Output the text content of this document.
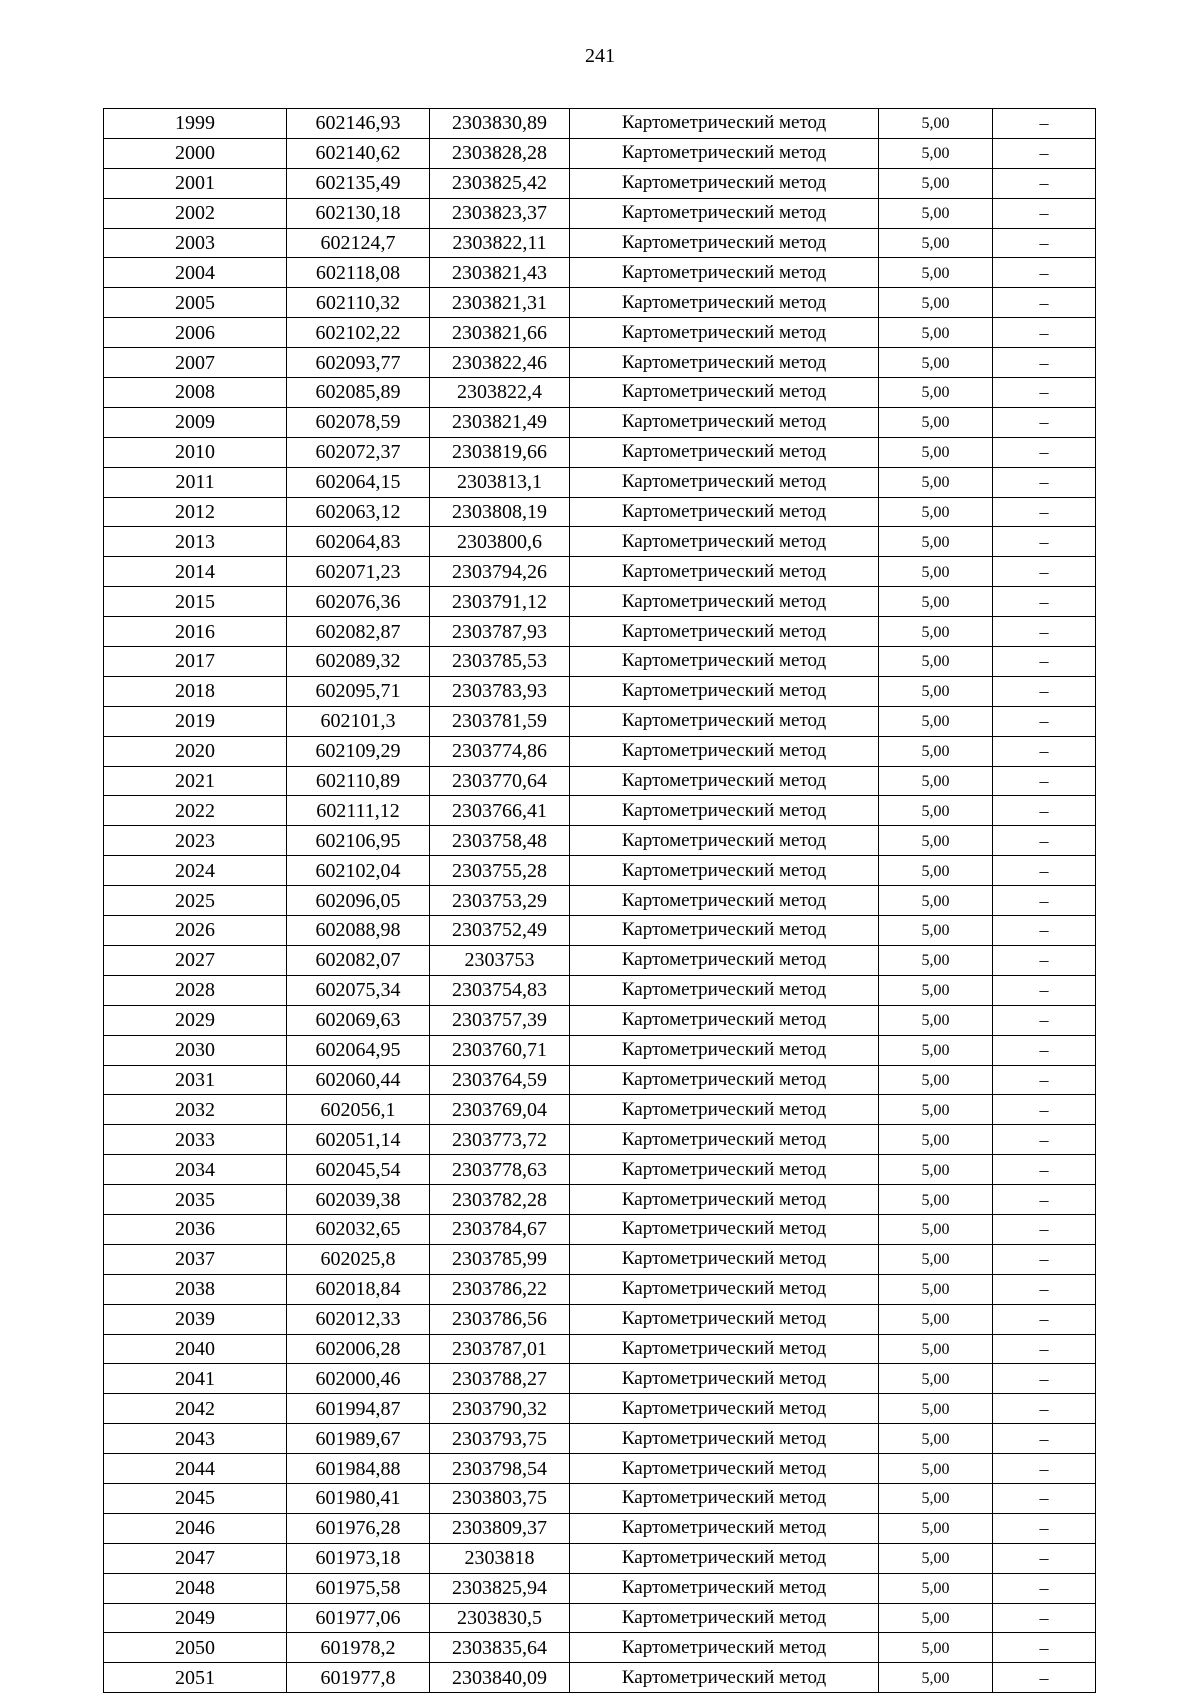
241
1999	602146,93	2303830,89	Картометрический метод	5,00	–
2000	602140,62	2303828,28	Картометрический метод	5,00	–
2001	602135,49	2303825,42	Картометрический метод	5,00	–
2002	602130,18	2303823,37	Картометрический метод	5,00	–
2003	602124,7	2303822,11	Картометрический метод	5,00	–
2004	602118,08	2303821,43	Картометрический метод	5,00	–
2005	602110,32	2303821,31	Картометрический метод	5,00	–
2006	602102,22	2303821,66	Картометрический метод	5,00	–
2007	602093,77	2303822,46	Картометрический метод	5,00	–
2008	602085,89	2303822,4	Картометрический метод	5,00	–
2009	602078,59	2303821,49	Картометрический метод	5,00	–
2010	602072,37	2303819,66	Картометрический метод	5,00	–
2011	602064,15	2303813,1	Картометрический метод	5,00	–
2012	602063,12	2303808,19	Картометрический метод	5,00	–
2013	602064,83	2303800,6	Картометрический метод	5,00	–
2014	602071,23	2303794,26	Картометрический метод	5,00	–
2015	602076,36	2303791,12	Картометрический метод	5,00	–
2016	602082,87	2303787,93	Картометрический метод	5,00	–
2017	602089,32	2303785,53	Картометрический метод	5,00	–
2018	602095,71	2303783,93	Картометрический метод	5,00	–
2019	602101,3	2303781,59	Картометрический метод	5,00	–
2020	602109,29	2303774,86	Картометрический метод	5,00	–
2021	602110,89	2303770,64	Картометрический метод	5,00	–
2022	602111,12	2303766,41	Картометрический метод	5,00	–
2023	602106,95	2303758,48	Картометрический метод	5,00	–
2024	602102,04	2303755,28	Картометрический метод	5,00	–
2025	602096,05	2303753,29	Картометрический метод	5,00	–
2026	602088,98	2303752,49	Картометрический метод	5,00	–
2027	602082,07	2303753	Картометрический метод	5,00	–
2028	602075,34	2303754,83	Картометрический метод	5,00	–
2029	602069,63	2303757,39	Картометрический метод	5,00	–
2030	602064,95	2303760,71	Картометрический метод	5,00	–
2031	602060,44	2303764,59	Картометрический метод	5,00	–
2032	602056,1	2303769,04	Картометрический метод	5,00	–
2033	602051,14	2303773,72	Картометрический метод	5,00	–
2034	602045,54	2303778,63	Картометрический метод	5,00	–
2035	602039,38	2303782,28	Картометрический метод	5,00	–
2036	602032,65	2303784,67	Картометрический метод	5,00	–
2037	602025,8	2303785,99	Картометрический метод	5,00	–
2038	602018,84	2303786,22	Картометрический метод	5,00	–
2039	602012,33	2303786,56	Картометрический метод	5,00	–
2040	602006,28	2303787,01	Картометрический метод	5,00	–
2041	602000,46	2303788,27	Картометрический метод	5,00	–
2042	601994,87	2303790,32	Картометрический метод	5,00	–
2043	601989,67	2303793,75	Картометрический метод	5,00	–
2044	601984,88	2303798,54	Картометрический метод	5,00	–
2045	601980,41	2303803,75	Картометрический метод	5,00	–
2046	601976,28	2303809,37	Картометрический метод	5,00	–
2047	601973,18	2303818	Картометрический метод	5,00	–
2048	601975,58	2303825,94	Картометрический метод	5,00	–
2049	601977,06	2303830,5	Картометрический метод	5,00	–
2050	601978,2	2303835,64	Картометрический метод	5,00	–
2051	601977,8	2303840,09	Картометрический метод	5,00	–
